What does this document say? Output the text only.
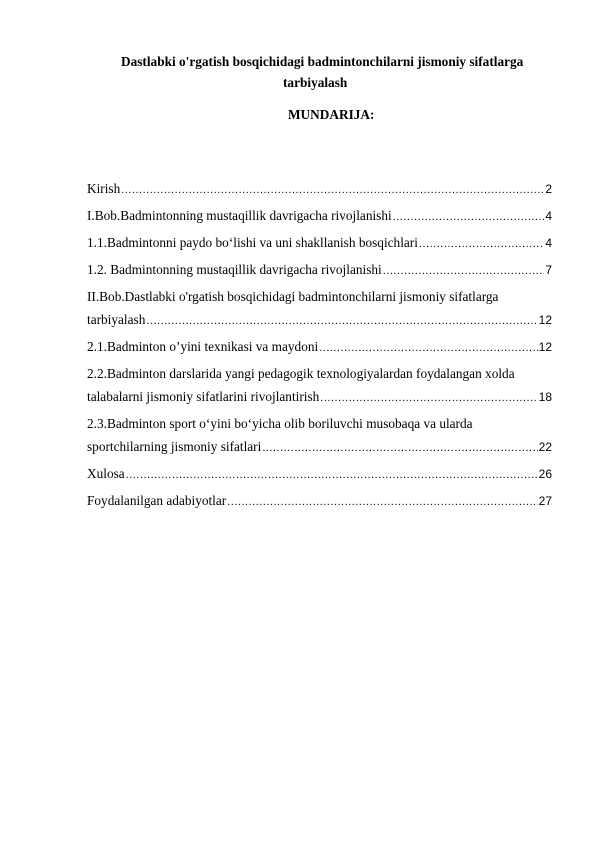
Dastlabki o'rgatish bosqichidagi badmintonchilarni jismoniy sifatlarga
tarbiyalash
MUNDARIJA:
Kirish .....	2
I.Bob.Badmintonning mustaqillik davrigacha rivojlanishi .....	4
1.1.Badmintonni paydo bo‘lishi va uni shakllanish bosqichlari .....	4
1.2. Badmintonning mustaqillik davrigacha rivojlanishi .....	7
II.Bob.Dastlabki o'rgatish bosqichidagi badmintonchilarni jismoniy sifatlarga
tarbiyalash .....	12
2.1.Badminton o’yini texnikasi va maydoni .....	12
2.2.Badminton darslarida yangi pedagogik texnologiyalardan foydalangan xolda
talabalarni jismoniy sifatlarini rivojlantirish .....	18
2.3.Badminton sport o‘yini bo‘yicha olib boriluvchi musobaqa va ularda
sportchilarning jismoniy sifatlari .....	22
Xulosa .....	26
Foydalanilgan adabiyotlar .....	27
